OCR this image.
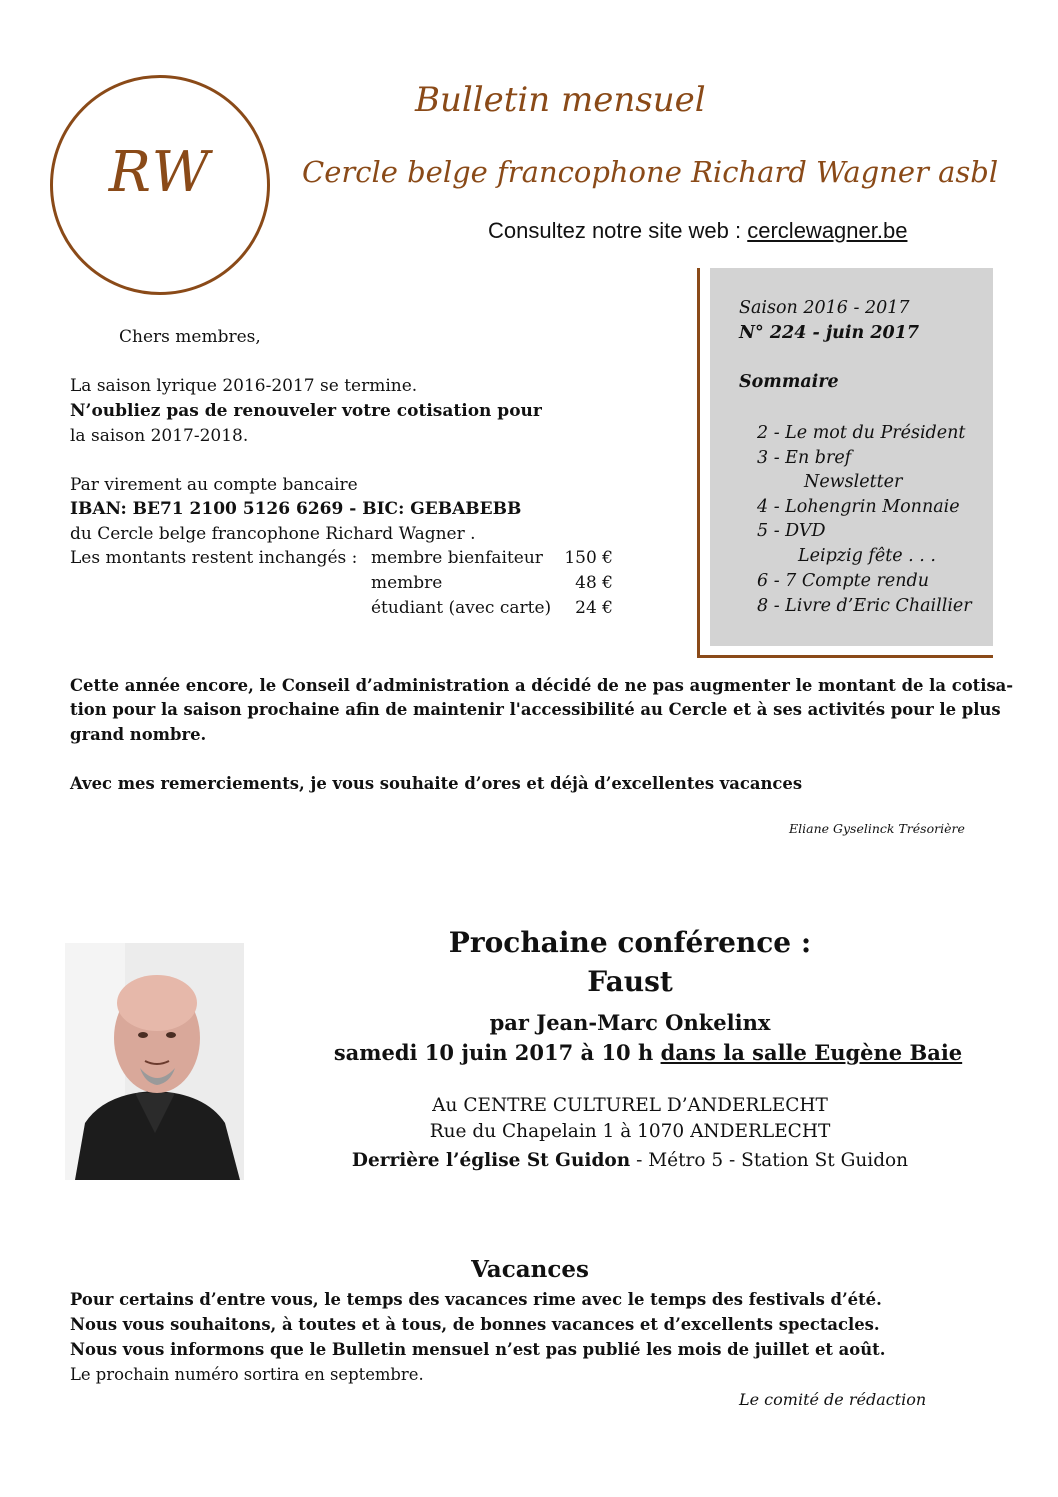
RW
Bulletin mensuel
Cercle belge francophone Richard Wagner asbl
Consultez notre site web : cerclewagner.be
Saison 2016 - 2017
N° 224 - juin 2017
Sommaire
2 - Le mot du Président
3 - En bref
Newsletter
4 - Lohengrin Monnaie
5 - DVD
Leipzig fête . . .
6 - 7 Compte rendu
8 - Livre d’Eric Chaillier
Chers membres,
La saison lyrique 2016-2017 se termine.
N’oubliez pas de renouveler votre cotisation pour
la saison 2017-2018.
Par virement au compte bancaire
IBAN: BE71 2100 5126 6269 - BIC: GEBABEBB
du Cercle belge francophone Richard Wagner .
Les montants restent inchangés : membre bienfaiteur	150 €
membre	48 €
étudiant (avec carte)	24 €
Cette année encore, le Conseil d’administration a décidé de ne pas augmenter le montant de la cotisa-
tion pour la saison prochaine afin de maintenir l'accessibilité au Cercle et à ses activités pour le plus
grand nombre.
Avec mes remerciements, je vous souhaite d’ores et déjà d’excellentes vacances
Eliane Gyselinck Trésorière
Prochaine conférence :
Faust
par Jean-Marc Onkelinx
samedi 10 juin 2017 à 10 h dans la salle Eugène Baie
Au CENTRE CULTUREL D’ANDERLECHT
Rue du Chapelain 1 à 1070 ANDERLECHT
Derrière l’église St Guidon - Métro 5 - Station St Guidon
Vacances
Pour certains d’entre vous, le temps des vacances rime avec le temps des festivals d’été.
Nous vous souhaitons, à toutes et à tous, de bonnes vacances et d’excellents spectacles.
Nous vous informons que le Bulletin mensuel n’est pas publié les mois de juillet et août.
Le prochain numéro sortira en septembre.
Le comité de rédaction
